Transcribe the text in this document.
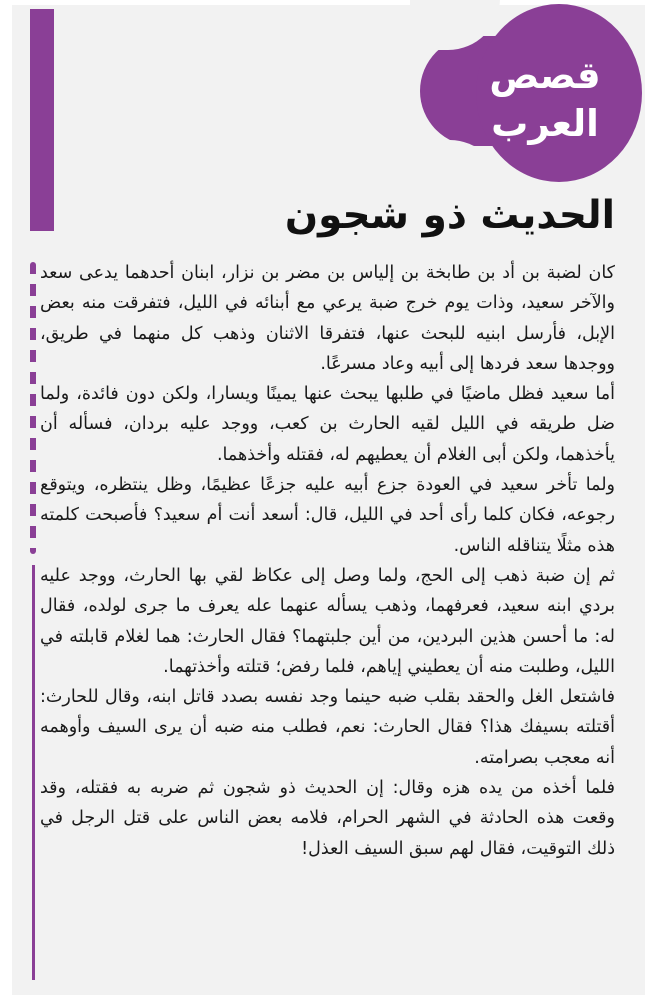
قصص
العرب
الحديث ذو شجون

كان لضبة بن أد بن طابخة بن إلياس بن مضر بن نزار، ابنان أحدهما يدعى سعد والآخر سعيد، وذات يوم خرج ضبة يرعي مع أبنائه في الليل، فتفرقت منه بعض الإبل، فأرسل ابنيه للبحث عنها، فتفرقا الاثنان وذهب كل منهما في طريق، ووجدها سعد فردها إلى أبيه وعاد مسرعًا.

أما سعيد فظل ماضيًا في طلبها يبحث عنها يمينًا ويسارا، ولكن دون فائدة، ولما ضل طريقه في الليل لقيه الحارث بن كعب، ووجد عليه بردان، فسأله أن يأخذهما، ولكن أبى الغلام أن يعطيهم له، فقتله وأخذهما.

ولما تأخر سعيد في العودة جزع أبيه عليه جزعًا عظيمًا، وظل ينتظره، ويتوقع رجوعه، فكان كلما رأى أحد في الليل، قال: أسعد أنت أم سعيد؟ فأصبحت كلمته هذه مثلًا يتناقله الناس.

ثم إن ضبة ذهب إلى الحج، ولما وصل إلى عكاظ لقي بها الحارث، ووجد عليه بردي ابنه سعيد، فعرفهما، وذهب يسأله عنهما عله يعرف ما جرى لولده، فقال له: ما أحسن هذين البردين، من أين جلبتهما؟ فقال الحارث: هما لغلام قابلته في الليل، وطلبت منه أن يعطيني إياهم، فلما رفض؛ قتلته وأخذتهما.

فاشتعل الغل والحقد بقلب ضبه حينما وجد نفسه بصدد قاتل ابنه، وقال للحارث: أقتلته بسيفك هذا؟ فقال الحارث: نعم، فطلب منه ضبه أن يرى السيف وأوهمه أنه معجب بصرامته.

فلما أخذه من يده هزه وقال: إن الحديث ذو شجون ثم ضربه به فقتله، وقد وقعت هذه الحادثة في الشهر الحرام، فلامه بعض الناس على قتل الرجل في ذلك التوقيت، فقال لهم سبق السيف العذل!
